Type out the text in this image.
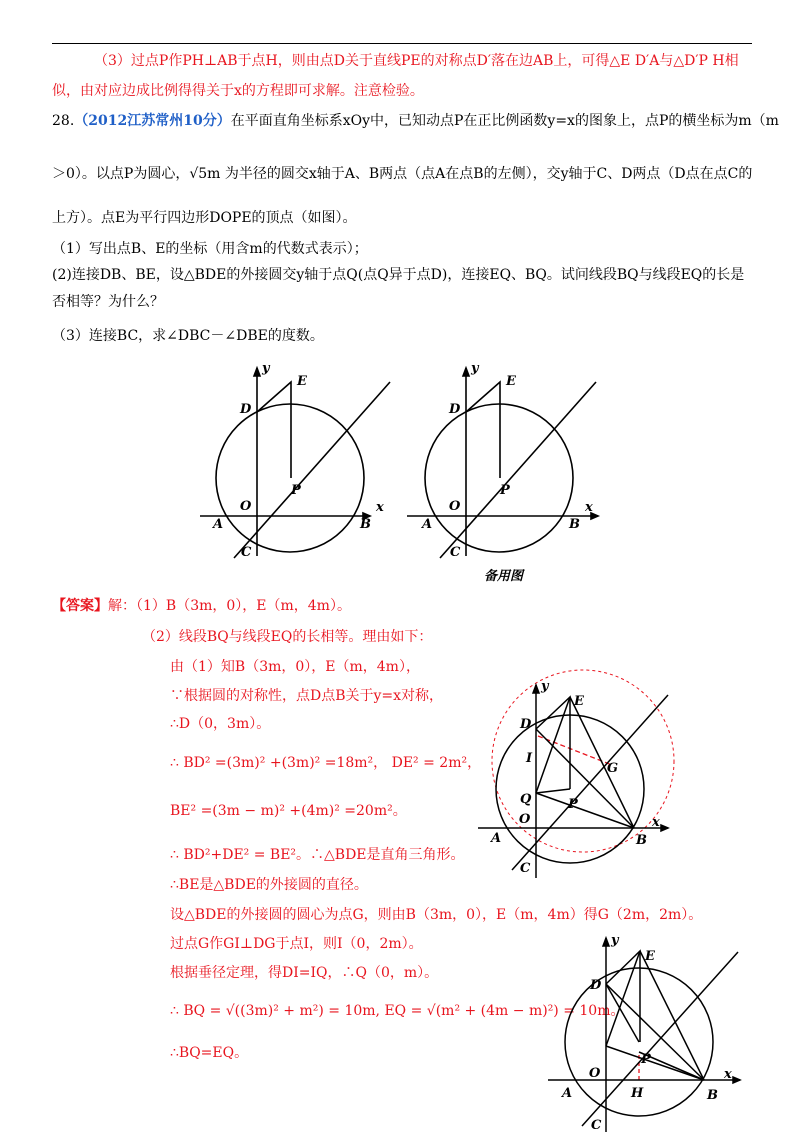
（3）过点P作PH⊥AB于点H，则由点D关于直线PE的对称点D′落在边AB上，可得△E D′A与△D′P H相
似，由对应边成比例得得关于x的方程即可求解。注意检验。
28.（2012江苏常州10分）在平面直角坐标系xOy中，已知动点P在正比例函数y=x的图象上，点P的横坐标为m（m
＞0）。以点P为圆心，√5m 为半径的圆交x轴于A、B两点（点A在点B的左侧），交y轴于C、D两点（D点在点C的
上方）。点E为平行四边形DOPE的顶点（如图）。
（1）写出点B、E的坐标（用含m的代数式表示）；
(2)连接DB、BE，设△BDE的外接圆交y轴于点Q(点Q异于点D)，连接EQ、BQ。试问线段BQ与线段EQ的长是
否相等？为什么？
（3）连接BC，求∠DBC－∠DBE的度数。
y
E
D
P
O	x
A	B
C
y
E
D
P
O	x
A	B
C
备用图
【答案】解：（1）B（3m，0），E（m，4m）。
（2）线段BQ与线段EQ的长相等。理由如下：
由（1）知B（3m，0），E（m，4m），
∵根据圆的对称性，点D点B关于y=x对称，
∴D（0，3m）。
∴ BD² =(3m)² +(3m)² =18m²， DE² = 2m²，
BE² =(3m − m)² +(4m)² =20m²。
∴ BD²+DE² = BE²。∴△BDE是直角三角形。
∴BE是△BDE的外接圆的直径。
设△BDE的外接圆的圆心为点G，则由B（3m，0），E（m，4m）得G（2m，2m）。
过点G作GI⊥DG于点I，则I（0，2m）。
根据垂径定理，得DI=IQ，∴Q（0，m）。
∴ BQ = √((3m)² + m²) = 10m, EQ = √(m² + (4m − m)²) = 10m。
∴BQ=EQ。
y
E
D
I
G
Q	P
O	x
A	B
C
y
E
D
P
O	x
A	H	B
C
